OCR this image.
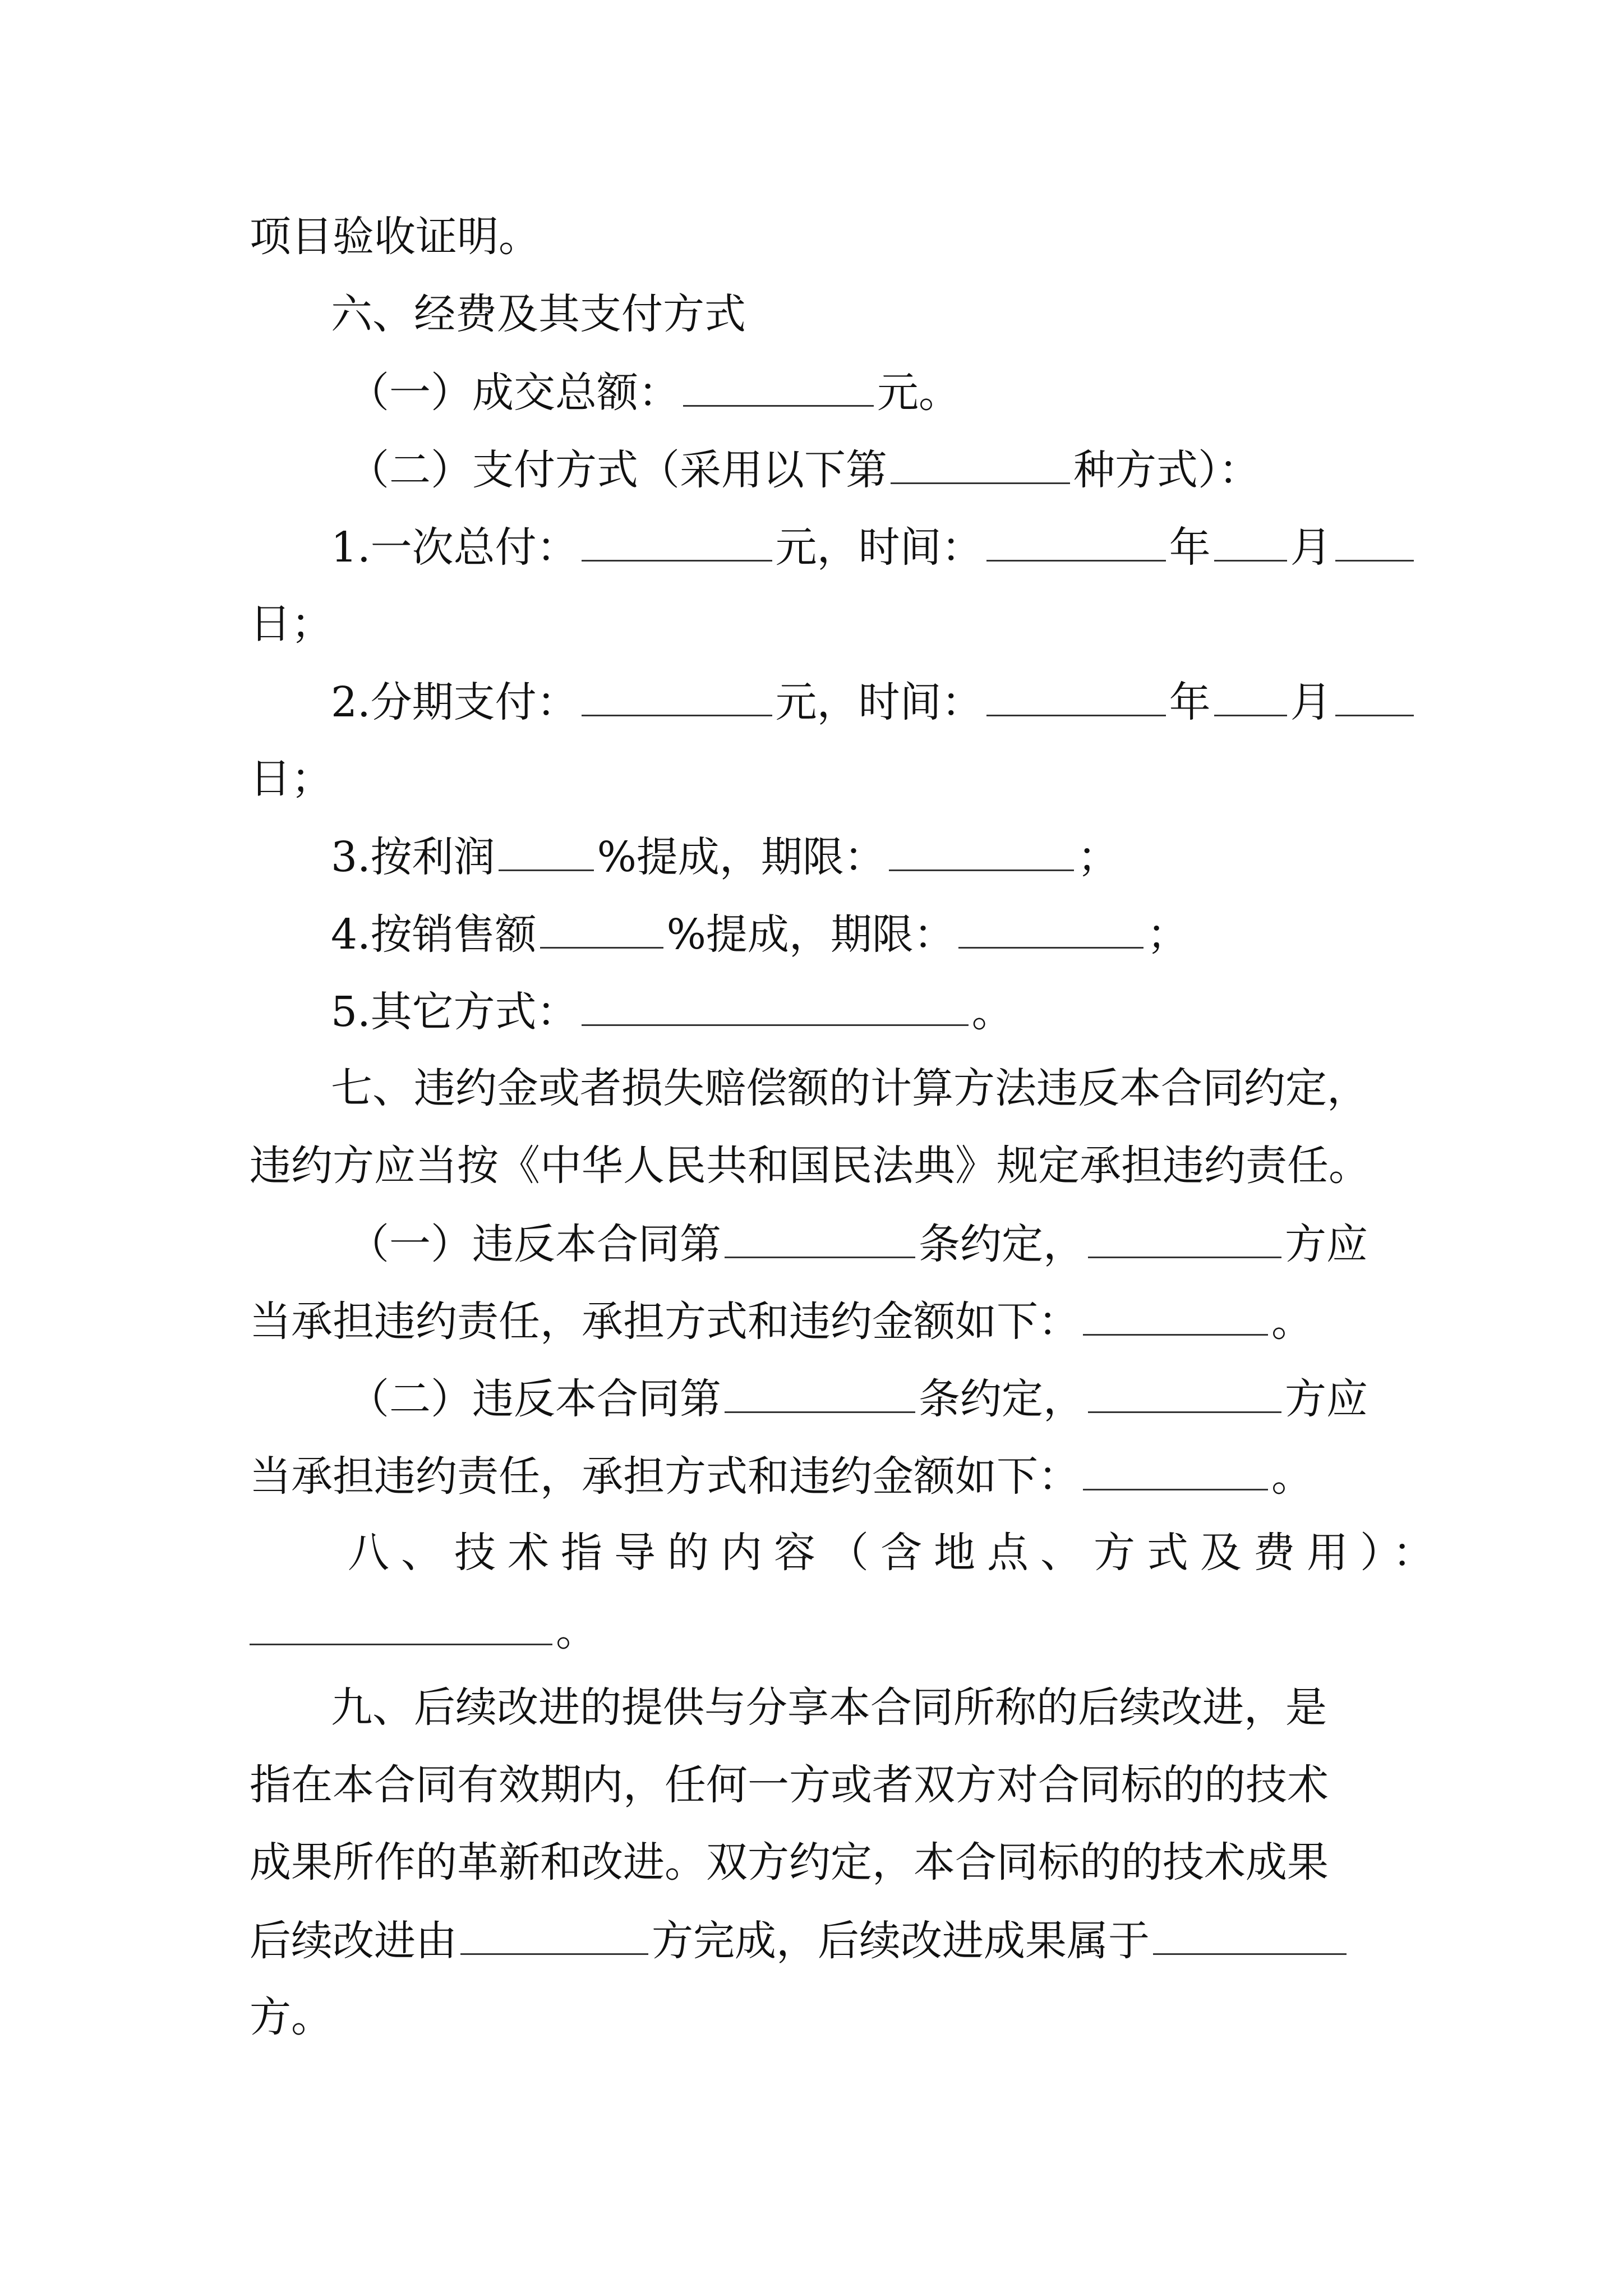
项目验收证明。
六、经费及其支付方式
（一）成交总额：	元。
（二）支付方式（采用以下第	种方式）：
1.一次总付：	元，时间：	年 月
日；
2.分期支付：	元，时间：	年 月
日；
3.按利润 %提成，期限：	；
4.按销售额	%提成，期限：	；
5.其它方式：	。
七、违约金或者损失赔偿额的计算方法违反本合同约定，
违约方应当按《中华人民共和国民法典》规定承担违约责任。
（一）违反本合同第	条约定，	方应
当承担违约责任，承担方式和违约金额如下：	。
（二）违反本合同第	条约定，	方应
当承担违约责任，承担方式和违约金额如下：	。
八、技术指导的内容（含地点、方式及费用）：
。
九、后续改进的提供与分享本合同所称的后续改进，是
指在本合同有效期内，任何一方或者双方对合同标的的技术
成果所作的革新和改进。双方约定，本合同标的的技术成果
后续改进由	方完成，后续改进成果属于
方。
